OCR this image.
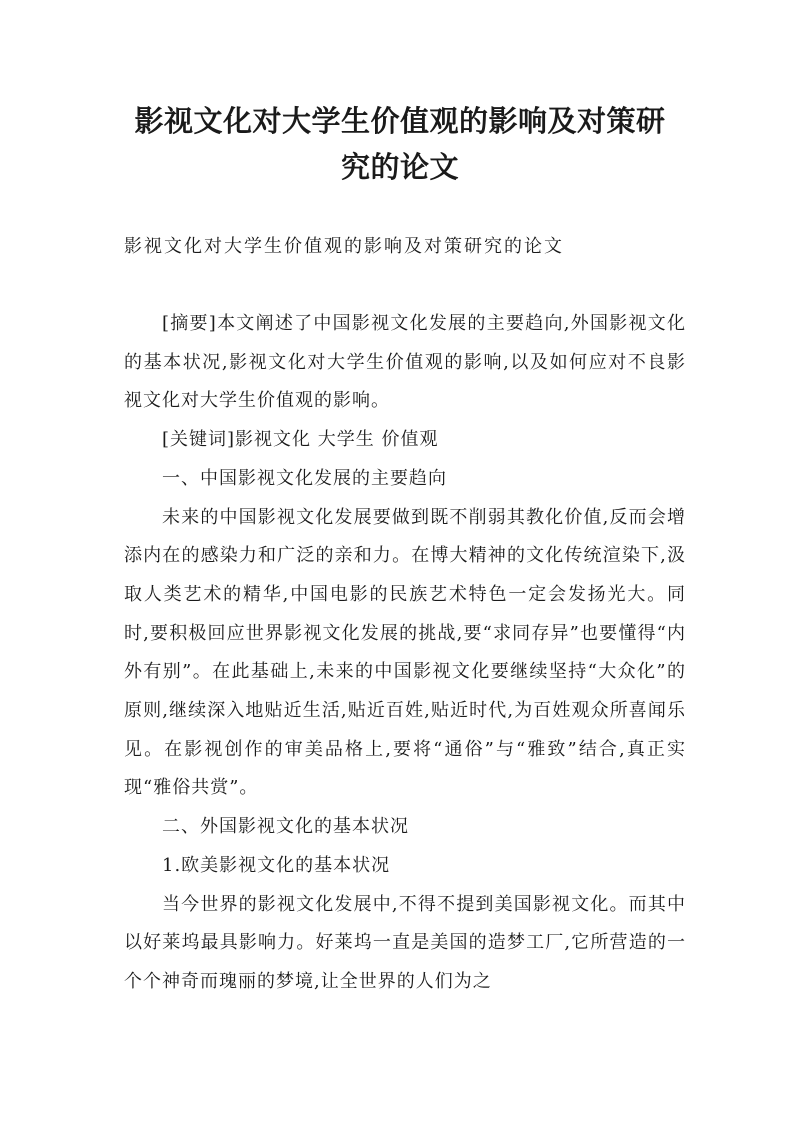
影视文化对大学生价值观的影响及对策研
究的论文
影视文化对大学生价值观的影响及对策研究的论文

[摘要]本文阐述了中国影视文化发展的主要趋向,外国影视文化的基本状况,影视文化对大学生价值观的影响,以及如何应对不良影视文化对大学生价值观的影响。

[关键词]影视文化 大学生 价值观

一、中国影视文化发展的主要趋向

未来的中国影视文化发展要做到既不削弱其教化价值,反而会增添内在的感染力和广泛的亲和力。在博大精神的文化传统渲染下,汲取人类艺术的精华,中国电影的民族艺术特色一定会发扬光大。同时,要积极回应世界影视文化发展的挑战,要“求同存异”也要懂得“内外有别”。在此基础上,未来的中国影视文化要继续坚持“大众化”的原则,继续深入地贴近生活,贴近百姓,贴近时代,为百姓观众所喜闻乐见。在影视创作的审美品格上,要将“通俗”与“雅致”结合,真正实现“雅俗共赏”。

二、外国影视文化的基本状况

1.欧美影视文化的基本状况

当今世界的影视文化发展中,不得不提到美国影视文化。而其中以好莱坞最具影响力。好莱坞一直是美国的造梦工厂,它所营造的一个个神奇而瑰丽的梦境,让全世界的人们为之
